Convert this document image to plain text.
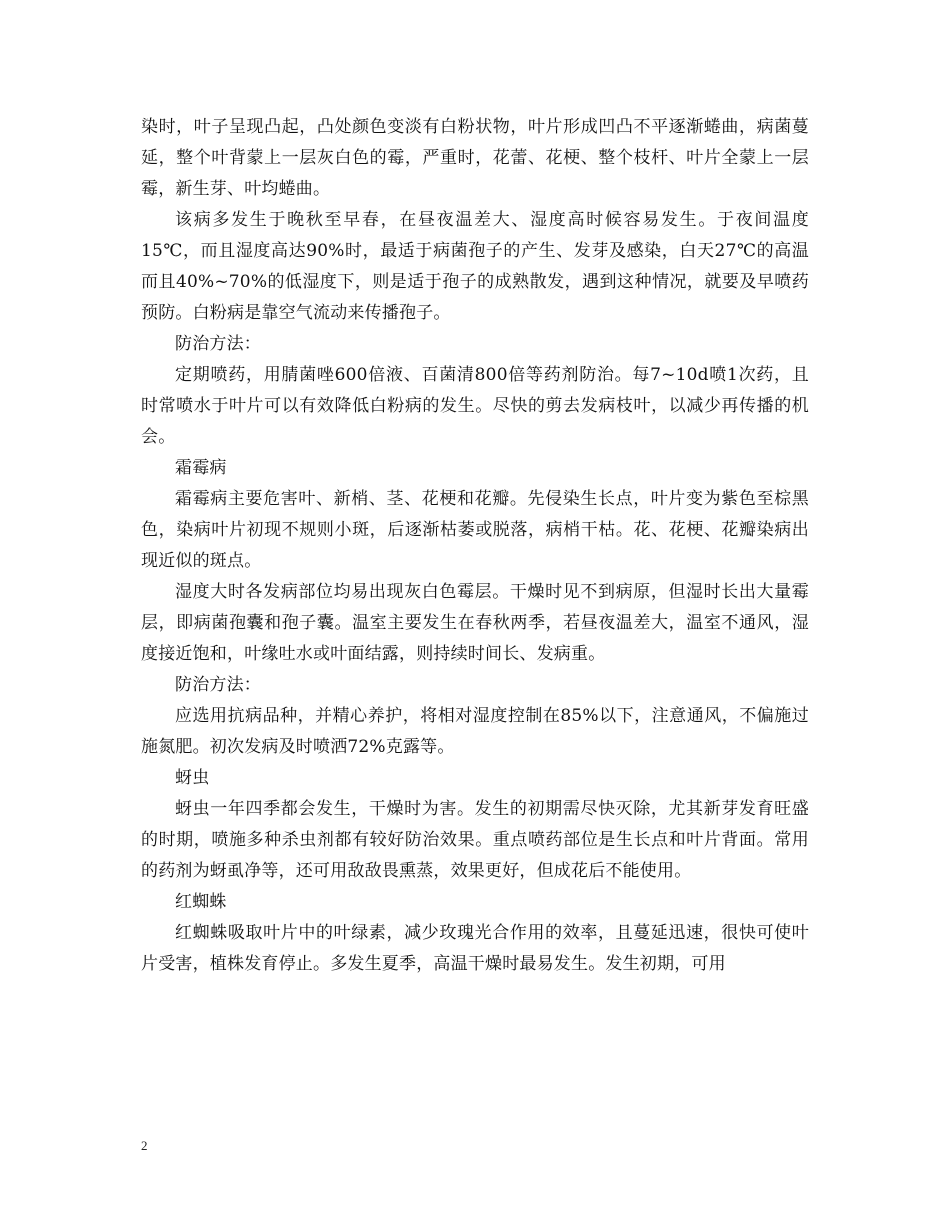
染时，叶子呈现凸起，凸处颜色变淡有白粉状物，叶片形成凹凸不平逐渐蜷曲，病菌蔓延，整个叶背蒙上一层灰白色的霉，严重时，花蕾、花梗、整个枝杆、叶片全蒙上一层霉，新生芽、叶均蜷曲。

该病多发生于晚秋至早春，在昼夜温差大、湿度高时候容易发生。于夜间温度15℃，而且湿度高达90%时，最适于病菌孢子的产生、发芽及感染，白天27℃的高温而且40%~70%的低湿度下，则是适于孢子的成熟散发，遇到这种情况，就要及早喷药预防。白粉病是靠空气流动来传播孢子。

防治方法：

定期喷药，用腈菌唑600倍液、百菌清800倍等药剂防治。每7~10d喷1次药，且时常喷水于叶片可以有效降低白粉病的发生。尽快的剪去发病枝叶，以减少再传播的机会。

霜霉病

霜霉病主要危害叶、新梢、茎、花梗和花瓣。先侵染生长点，叶片变为紫色至棕黑色，染病叶片初现不规则小斑，后逐渐枯萎或脱落，病梢干枯。花、花梗、花瓣染病出现近似的斑点。

湿度大时各发病部位均易出现灰白色霉层。干燥时见不到病原，但湿时长出大量霉层，即病菌孢囊和孢子囊。温室主要发生在春秋两季，若昼夜温差大，温室不通风，湿度接近饱和，叶缘吐水或叶面结露，则持续时间长、发病重。

防治方法：

应选用抗病品种，并精心养护，将相对湿度控制在85%以下，注意通风，不偏施过施氮肥。初次发病及时喷洒72%克露等。

蚜虫

蚜虫一年四季都会发生，干燥时为害。发生的初期需尽快灭除，尤其新芽发育旺盛的时期，喷施多种杀虫剂都有较好防治效果。重点喷药部位是生长点和叶片背面。常用的药剂为蚜虱净等，还可用敌敌畏熏蒸，效果更好，但成花后不能使用。

红蜘蛛

红蜘蛛吸取叶片中的叶绿素，减少玫瑰光合作用的效率，且蔓延迅速，很快可使叶片受害，植株发育停止。多发生夏季，高温干燥时最易发生。发生初期，可用

2
